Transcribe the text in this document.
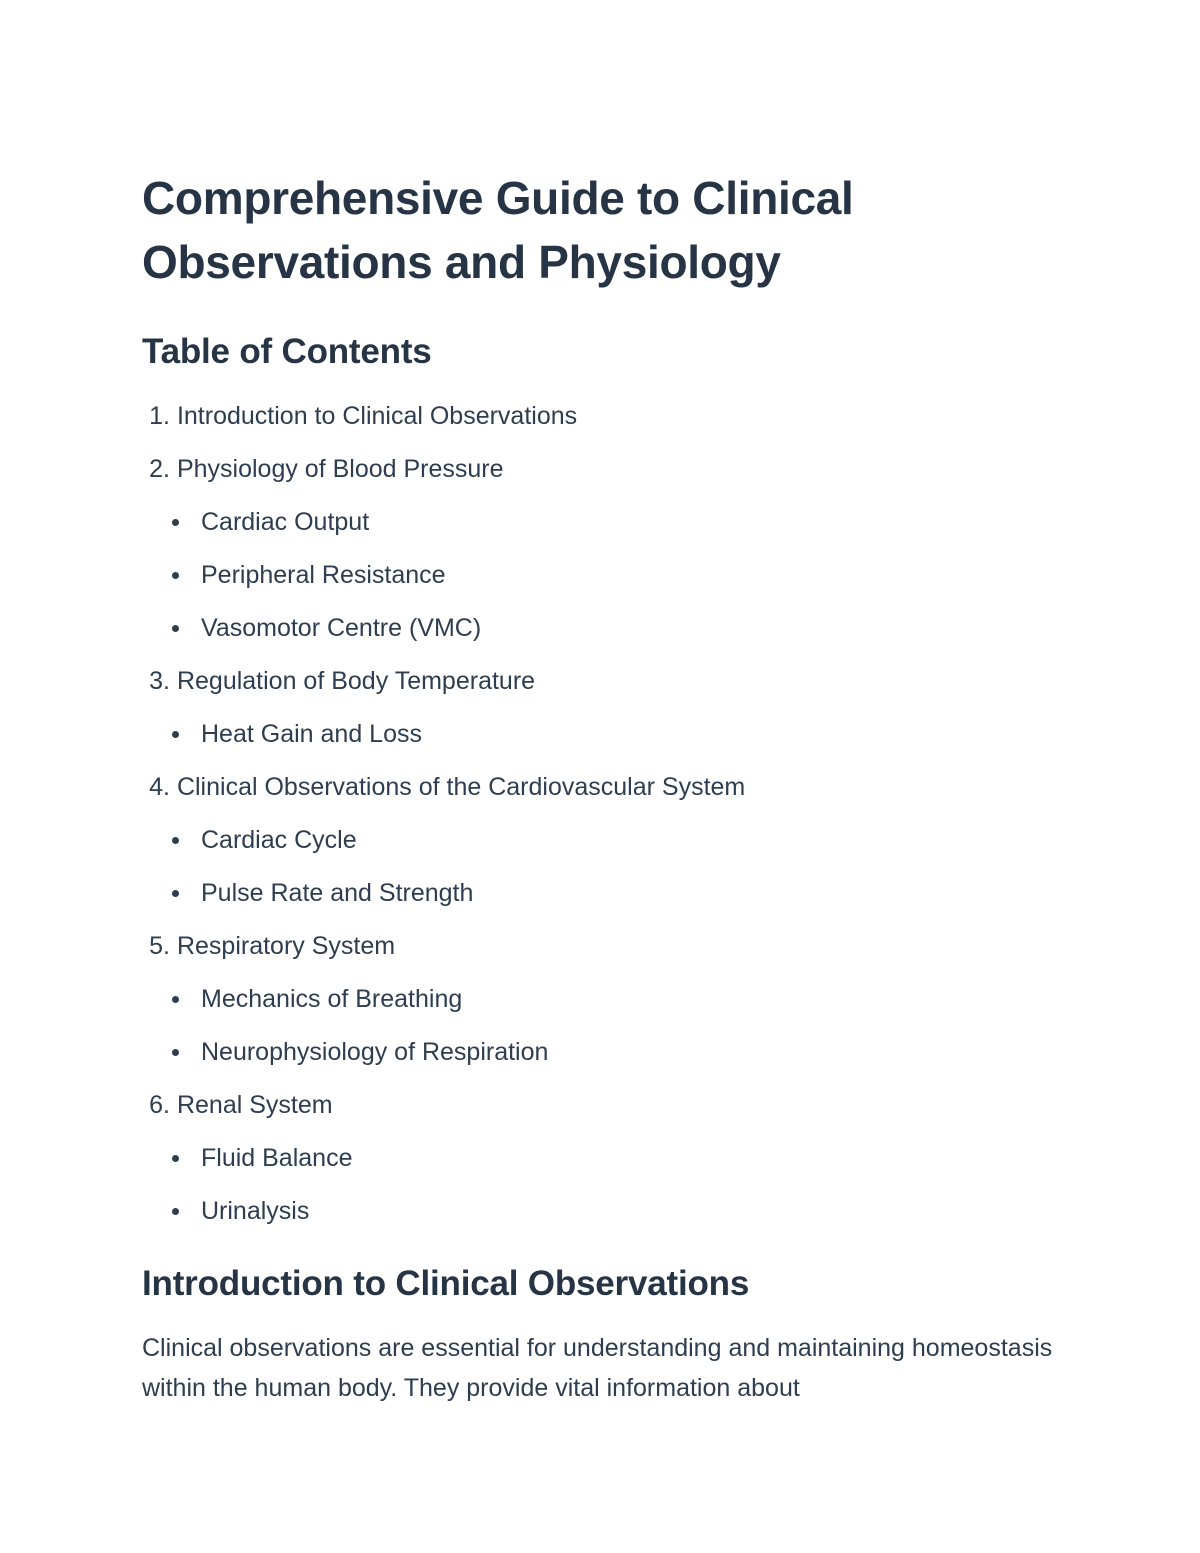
Comprehensive Guide to Clinical Observations and Physiology
Table of Contents
1. Introduction to Clinical Observations
2. Physiology of Blood Pressure
Cardiac Output
Peripheral Resistance
Vasomotor Centre (VMC)
3. Regulation of Body Temperature
Heat Gain and Loss
4. Clinical Observations of the Cardiovascular System
Cardiac Cycle
Pulse Rate and Strength
5. Respiratory System
Mechanics of Breathing
Neurophysiology of Respiration
6. Renal System
Fluid Balance
Urinalysis
Introduction to Clinical Observations

Clinical observations are essential for understanding and maintaining homeostasis within the human body. They provide vital information about
